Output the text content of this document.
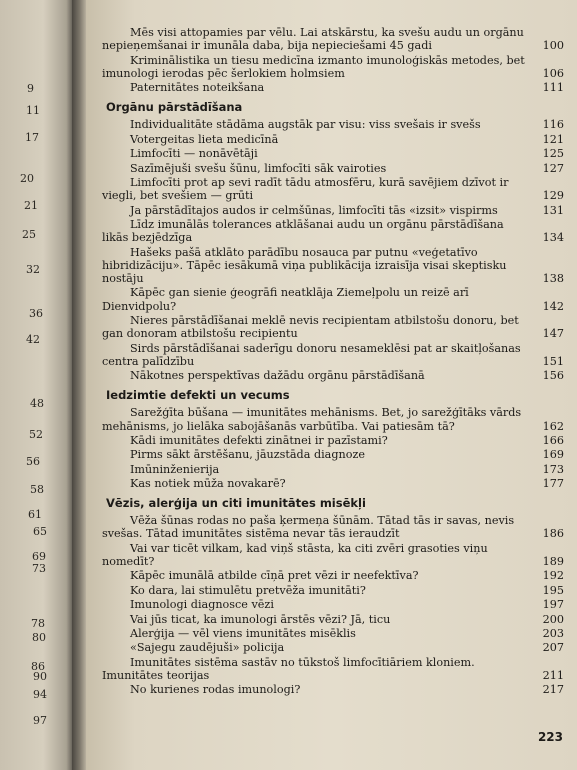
9
11
17
20
21
25
32
36
42
48
52
56
58
61
65
69
73
78
80
86
90
94
97
Mēs visi attopamies par vēlu. Lai atskārstu, ka svešu audu un orgānu nepieņemšanai ir imunāla daba, bija nepieciešami 45 gadi	100
Kriminālistika un tiesu medicīna izmanto imunoloģiskās metodes, bet imunologi ierodas pēc šerlokiem holmsiem	106
Paternitātes noteikšana	111
Orgānu pārstādīšana
Individualitāte stādāma augstāk par visu: viss svešais ir svešs	116
Votergeitas lieta medicīnā	121
Limfocīti — nonāvētāji	125
Sazīmējuši svešu šūnu, limfocīti sāk vairoties	127
Limfocīti prot ap sevi radīt tādu atmosfēru, kurā savējiem dzīvot ir viegli, bet svešiem — grūti	129
Ja pārstādītajos audos ir celmšūnas, limfocīti tās «izsit» vispirms	131
Līdz imunālās tolerances atklāšanai audu un orgānu pārstādīšana likās bezjēdzīga	134
Hašeks pašā atklāto parādību nosauca par putnu «veģetatīvo hibridizāciju». Tāpēc iesākumā viņa publikācija izraisīja visai skeptisku nostāju	138
Kāpēc gan sienie ģeogrāfi neatklāja Ziemeļpolu un reizē arī Dienvidpolu?	142
Nieres pārstādīšanai meklē nevis recipientam atbilstošu donoru, bet gan donoram atbilstošu recipientu	147
Sirds pārstādīšanai saderīgu donoru nesameklēsi pat ar skaitļošanas centra palīdzību	151
Nākotnes perspektīvas dažādu orgānu pārstādīšanā	156
Iedzimtie defekti un vecums
Sarežģīta būšana — imunitātes mehānisms. Bet, jo sarežģītāks vārds mehānisms, jo lielāka sabojāšanās varbūtība. Vai patiesām tā?	162
Kādi imunitātes defekti zinātnei ir pazīstami?	166
Pirms sākt ārstēšanu, jāuzstāda diagnoze	169
Imūninženierija	173
Kas notiek mūža novakarē?	177
Vēzis, alerģija un citi imunitātes misēkļi
Vēža šūnas rodas no paša ķermeņa šūnām. Tātad tās ir savas, nevis svešas. Tātad imunitātes sistēma nevar tās ieraudzīt	186
Vai var ticēt vilkam, kad viņš stāsta, ka citi zvēri grasoties viņu nomedīt?	189
Kāpēc imunālā atbilde cīņā pret vēzi ir neefektīva?	192
Ko dara, lai stimulētu pretvēža imunitāti?	195
Imunologi diagnosce vēzi	197
Vai jūs ticat, ka imunologi ārstēs vēzi? Jā, ticu	200
Alerģija — vēl viens imunitātes misēklis	203
«Sajegu zaudējuši» policija	207
Imunitātes sistēma sastāv no tūkstoš limfocītiāriem kloniem. Imunitātes teorijas	211
No kurienes rodas imunologi?	217
223
